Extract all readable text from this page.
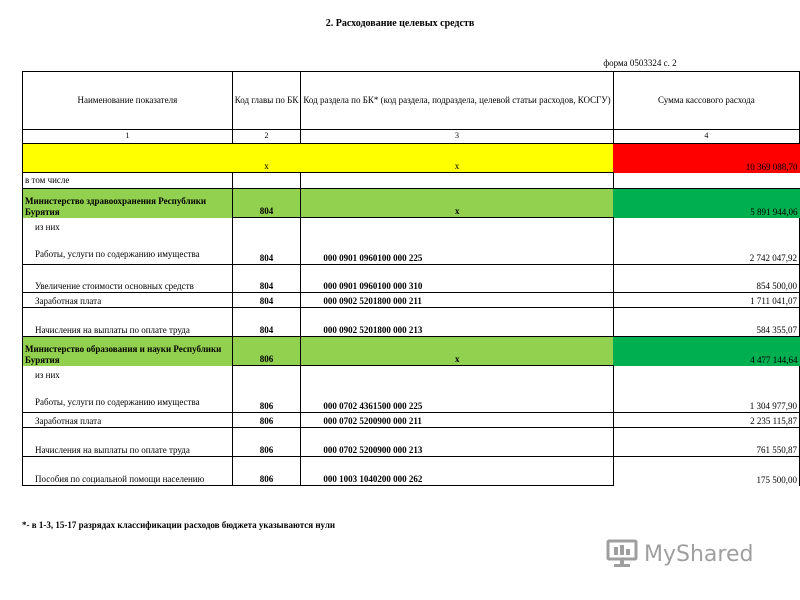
2. Расходование целевых средств
форма 0503324 с. 2
Наименование показателя	Код главы по БК	Код раздела по БК* (код раздела, подраздела, целевой статьи расходов, КОСГУ)	Сумма кассового расхода
1	2	3	4
	х	х	10 369 088,70
в том числе			
Министерство здравоохранения Республики Бурятия	804	х	5 891 944,06

из них
Работы, услуги по содержанию имущества	804	000 0901 0960100 000 225	2 742 047,92
Увеличение стоимости основных средств	804	000 0901 0960100 000 310	854 500,00
Заработная плата	804	000 0902 5201800 000 211	1 711 041,07
Начисления на выплаты по оплате труда	804	000 0902 5201800 000 213	584 355,07
Министерство образования и науки Республики Бурятия	806	х	4 477 144,64

из них
Работы, услуги по содержанию имущества	806	000 0702 4361500 000 225	1 304 977,90
Заработная плата	806	000 0702 5200900 000 211	2 235 115,87
Начисления на выплаты по оплате труда	806	000 0702 5200900 000 213	761 550,87
Пособия по социальной помощи населению	806	000 1003 1040200 000 262	175 500,00
*- в 1-3, 15-17 разрядах классификации расходов бюджета указываются нули
MyShared
